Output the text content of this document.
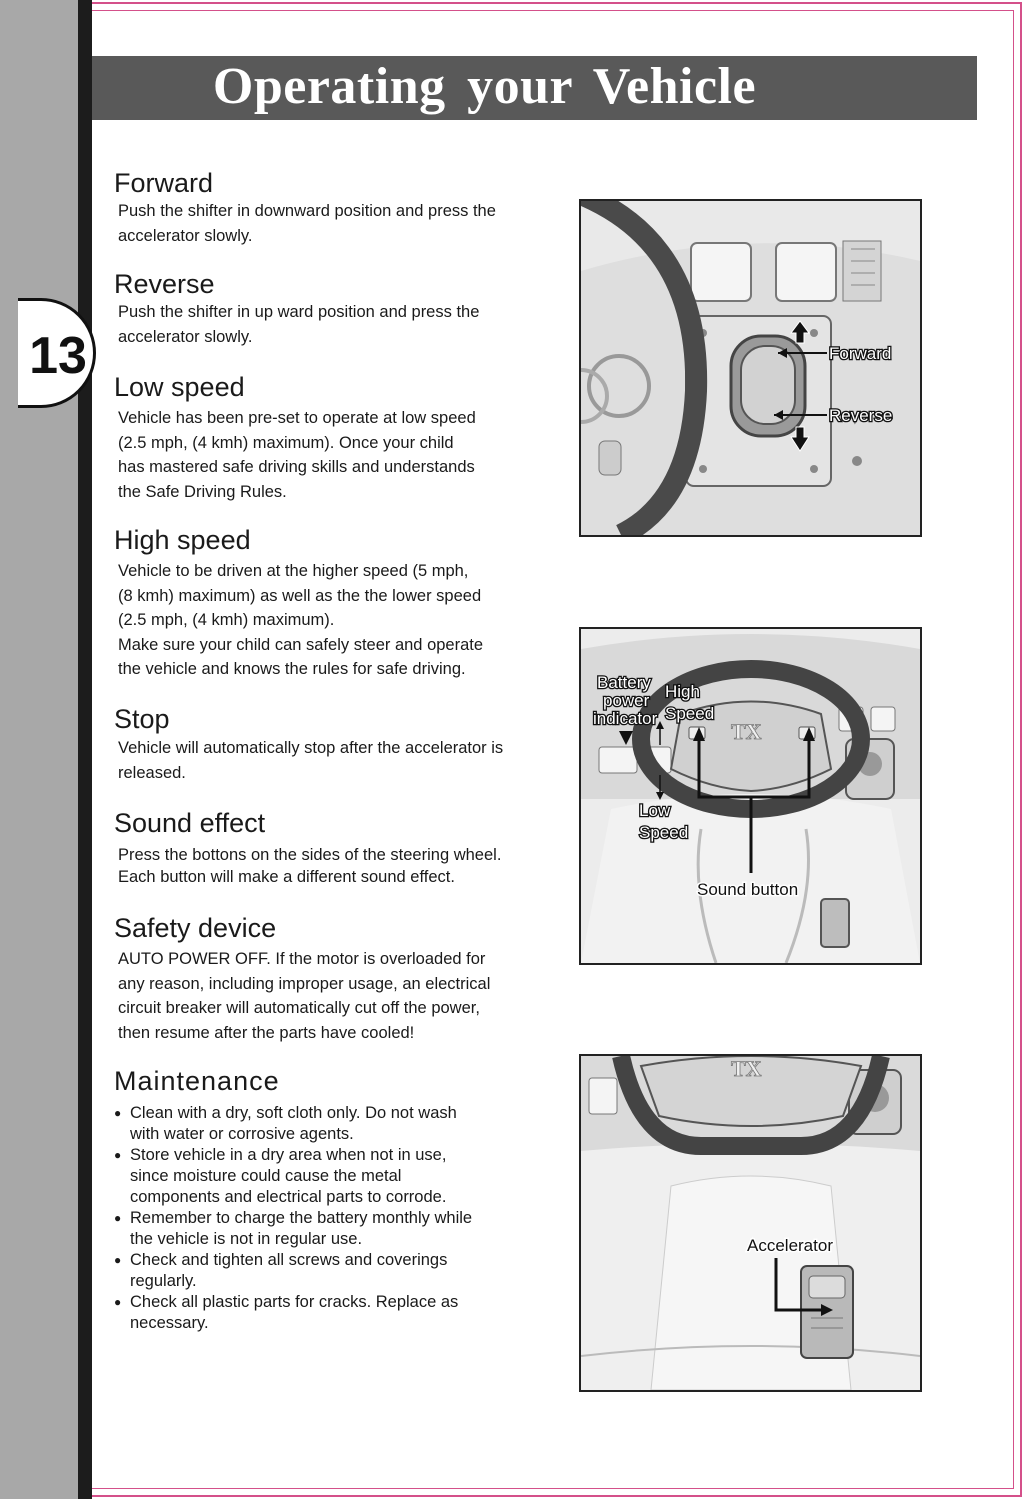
13
Operating your Vehicle
Forward
Push the shifter in downward position and press the
accelerator slowly.
Reverse
Push the shifter in up ward position and press the
accelerator slowly.
Low speed
Vehicle has been pre-set to operate at low speed
(2.5 mph, (4 kmh) maximum). Once your child
has mastered safe driving skills and understands
the Safe Driving Rules.
High speed
Vehicle to be driven at the higher speed (5 mph,
(8 kmh) maximum) as well as the the lower speed
(2.5 mph, (4 kmh) maximum).
Make sure your child can safely steer and operate
the vehicle and knows the rules for safe driving.
Stop
Vehicle will automatically stop after the accelerator is
released.
Sound effect
Press the bottons on the sides of the steering wheel.
Each button will make a different sound effect.
Safety device
AUTO POWER OFF. If the motor is overloaded for
any reason, including improper usage, an electrical
circuit breaker will automatically cut off the power,
then resume after the parts have cooled!
Maintenance
● Clean with a dry, soft cloth only. Do not wash
with water or corrosive agents.
● Store vehicle in a dry area when not in use,
since moisture could cause the metal
components and electrical parts to corrode.
● Remember to charge the battery monthly while
the vehicle is not in regular use.
● Check and tighten all screws and coverings
regularly.
● Check all plastic parts for cracks. Replace as
necessary.
Forward
Reverse
TX
Battery
power
indicator
High
Speed
Low
Speed
Sound button
TX
Accelerator
